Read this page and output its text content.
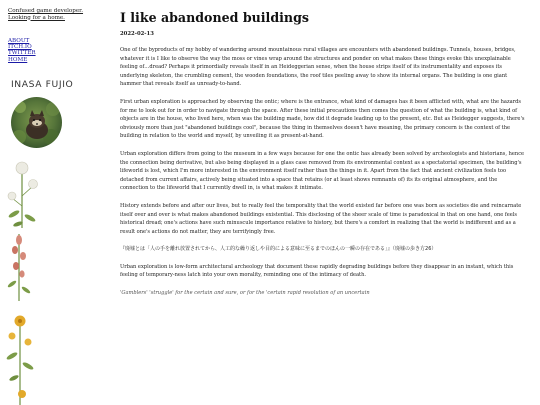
Confused game developer.
Looking for a home.
ABOUT
ITCH.IO
TWITTER
HOME
INASA FUJIO
I like abandoned buildings
2022-02-13

One of the byproducts of my hobby of wandering around mountainous rural villages are encounters with abandoned buildings. Tunnels, houses, bridges, whatever it is I like to observe the way the moss or vines wrap around the structures and ponder on what makes these things evoke this unexplainable feeling of…dread? Perhaps it primordially reveals itself in an Heideggerian sense, when the house strips itself of its instrumentality and exposes its underlying skeleton, the crumbling cement, the wooden foundations, the roof tiles peeling away to show its internal organs. The building is one giant hammer that reveals itself as unready-to-hand.

First urban exploration is approached by observing the ontic; where is the entrance, what kind of damages has it been afflicted with, what are the hazards for me to look out for in order to navigate through the space. After these initial precautions then comes the question of what the building is, what kind of objects are in the house, who lived here, when was the building made, how did it degrade leading up to the present, etc. But as Heidegger suggests, there's obviously more than just "abandoned buildings cool", because the thing in themselves doesn't have meaning, the primary concern is the context of the building in relation to the world and myself, by unveiling it as present-at-hand.

Urban exploration differs from going to the museum in a few ways because for one the ontic has already been solved by archeologists and historians, hence the connection being derivative, but also being displayed in a glass case removed from its environmental context as a spectatorial specimen, the building's lifeworld is lost, which I'm more interested in the environment itself rather than the things in it. Apart from the fact that ancient civilization feels too detached from current affairs, actively being situated into a space that retains (or at least shows remnants of) its its original atmosphere, and the connection to the lifeworld that I currently dwell in, is what makes it intimate.

History extends before and after our lives, but to really feel the temporality that the world existed far before one was born as societies die and reincarnate itself over and over is what makes abandoned buildings existential. This disclosing of the sheer scale of time is paradoxical in that on one hand, one feels historical dread; one's actions have such minuscule importance relative to history, but there's a comfort in realizing that the world is indifferent and as a result one's actions do not matter, they are terrifyingly free.

『廃墟とは「人の手を離れ放置されてから、人工的な繰り返しや目的による意味に至るまでのほんの一瞬の存在である」』（廃墟の歩き方26）

Urban exploration is low-form architectural archeology that document these rapidly degrading buildings before they disappear in an instant, which this feeling of temporary-ness latch into your own morality, reminding one of the intimacy of death.

'Gamblers' 'struggle' for the certain and sure, or for the 'certain rapid resolution of an uncertain
